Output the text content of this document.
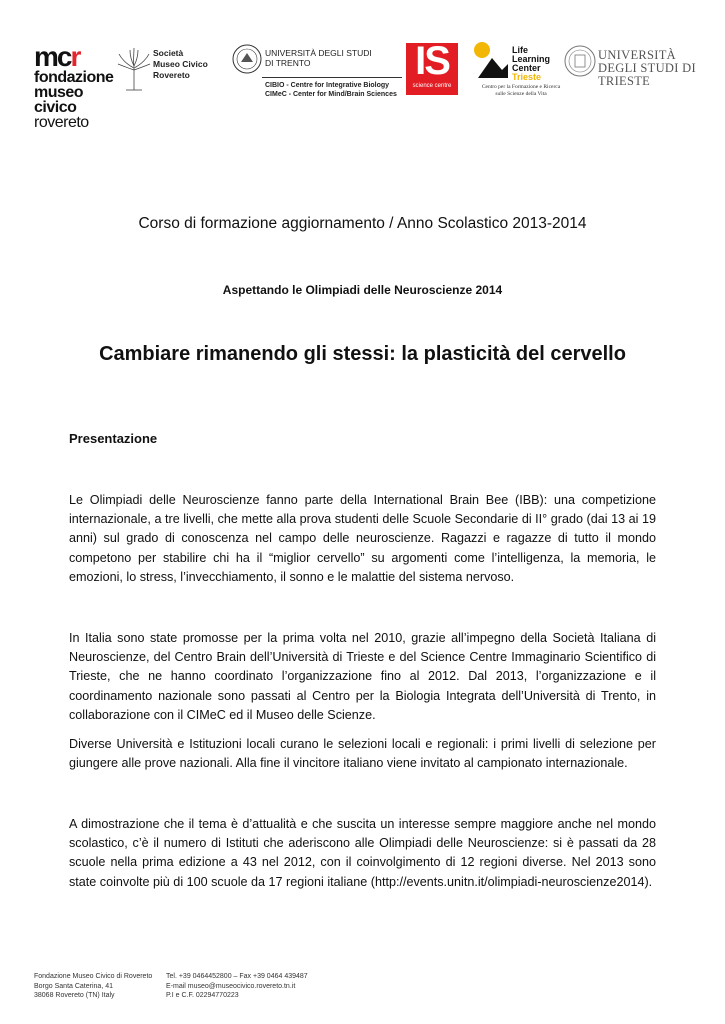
mcr
fondazione
museo civico
rovereto
Società
Museo Civico
Rovereto
UNIVERSITÀ DEGLI STUDI
DI TRENTO
CIBIO - Centre for Integrative Biology
CIMeC - Center for Mind/Brain Sciences
IS
science centre
Life
Learning
Center
Trieste
Centro per la Formazione e Ricerca
sulle Scienze della Vita
UNIVERSITÀ
DEGLI STUDI DI TRIESTE
Corso di formazione aggiornamento / Anno Scolastico 2013-2014
Aspettando le Olimpiadi delle Neuroscienze 2014
Cambiare rimanendo gli stessi: la plasticità del cervello
Presentazione
Le Olimpiadi delle Neuroscienze fanno parte della International Brain Bee (IBB): una competizione internazionale, a tre livelli, che mette alla prova studenti delle Scuole Secondarie di II° grado (dai 13 ai 19 anni) sul grado di conoscenza nel campo delle neuroscienze. Ragazzi e ragazze di tutto il mondo competono per stabilire chi ha il “miglior cervello” su argomenti come l’intelligenza, la memoria, le emozioni, lo stress, l’invecchiamento, il sonno e le malattie del sistema nervoso.
In Italia sono state promosse per la prima volta nel 2010, grazie all’impegno della Società Italiana di Neuroscienze, del Centro Brain dell’Università di Trieste e del Science Centre Immaginario Scientifico di Trieste, che ne hanno coordinato l’organizzazione fino al 2012. Dal 2013, l’organizzazione e il coordinamento nazionale sono passati al Centro per la Biologia Integrata dell’Università di Trento, in collaborazione con il CIMeC ed il Museo delle Scienze.
Diverse Università e Istituzioni locali curano le selezioni locali e regionali: i primi livelli di selezione per giungere alle prove nazionali. Alla fine il vincitore italiano viene invitato al campionato internazionale.
A dimostrazione che il tema è d’attualità e che suscita un interesse sempre maggiore anche nel mondo scolastico, c’è il numero di Istituti che aderiscono alle Olimpiadi delle Neuroscienze: si è passati da 28 scuole nella prima edizione a 43 nel 2012, con il coinvolgimento di 12 regioni diverse. Nel 2013 sono state coinvolte più di 100 scuole da 17 regioni italiane (http://events.unitn.it/olimpiadi-neuroscienze2014).
Fondazione Museo Civico di Rovereto
Borgo Santa Caterina, 41
38068 Rovereto (TN) Italy
Tel. +39 0464452800 – Fax +39 0464 439487
E-mail museo@museocivico.rovereto.tn.it
P.I e C.F. 02294770223
